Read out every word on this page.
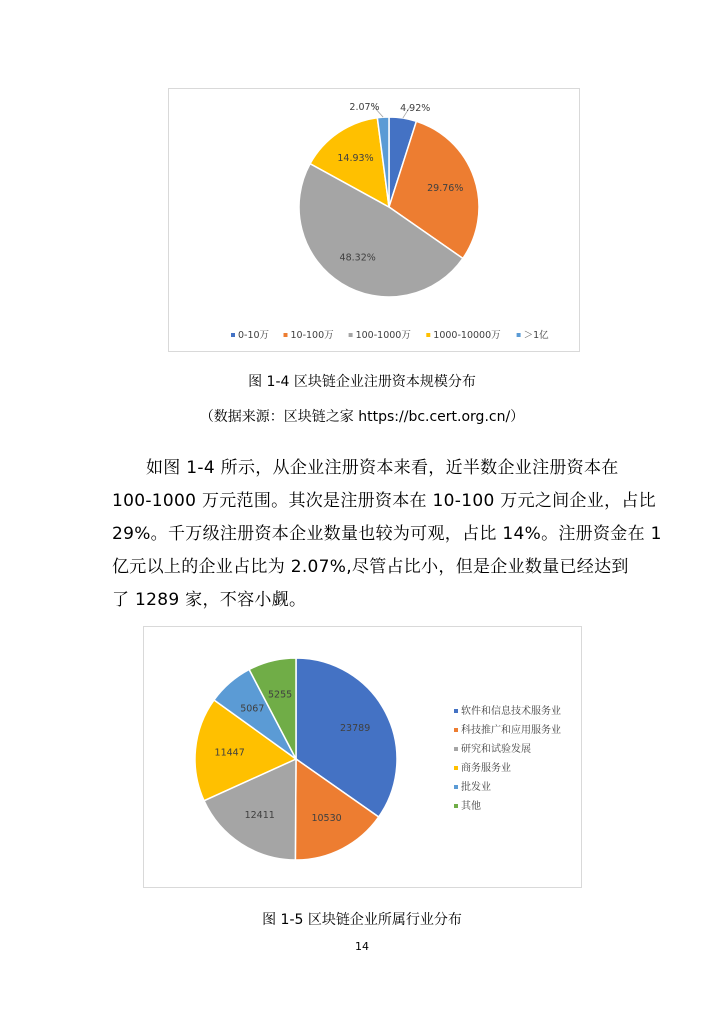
4.92%
29.76%
48.32%
14.93%
2.07%
0-10万 10-100万 100-1000万 1000-10000万 ＞1亿
图 1-4 区块链企业注册资本规模分布
（数据来源：区块链之家 https://bc.cert.org.cn/）
如图 1-4 所示，从企业注册资本来看，近半数企业注册资本在
100-1000 万元范围。其次是注册资本在 10-100 万元之间企业，占比
29%。千万级注册资本企业数量也较为可观，占比 14%。注册资金在 1
亿元以上的企业占比为 2.07%,尽管占比小，但是企业数量已经达到
了 1289 家，不容小觑。
23789
10530
12411
11447
5067
5255
软件和信息技术服务业
科技推广和应用服务业
研究和试验发展
商务服务业
批发业
其他
图 1-5 区块链企业所属行业分布
14
